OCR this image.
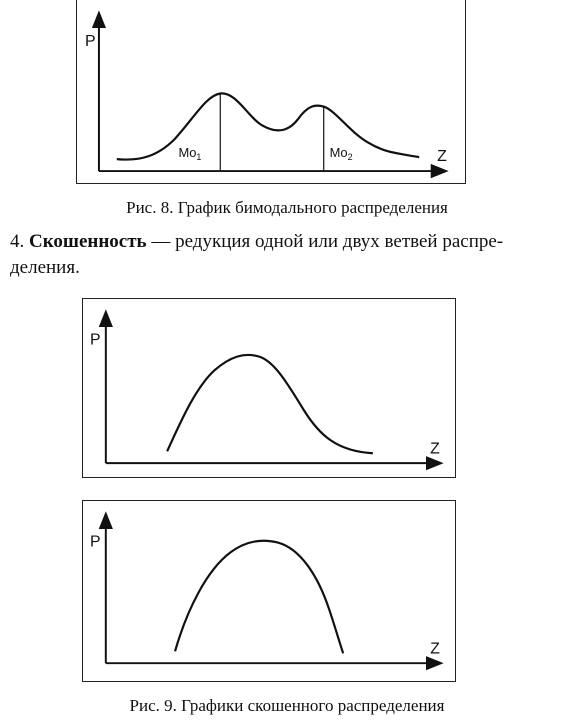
P
Z
$Mo_1$	$Mo_2$
Рис. 8. График бимодального распределения
4. Скошенность — редукция одной или двух ветвей распре-
деления.
P
Z
P
Z
Рис. 9. Графики скошенного распределения
